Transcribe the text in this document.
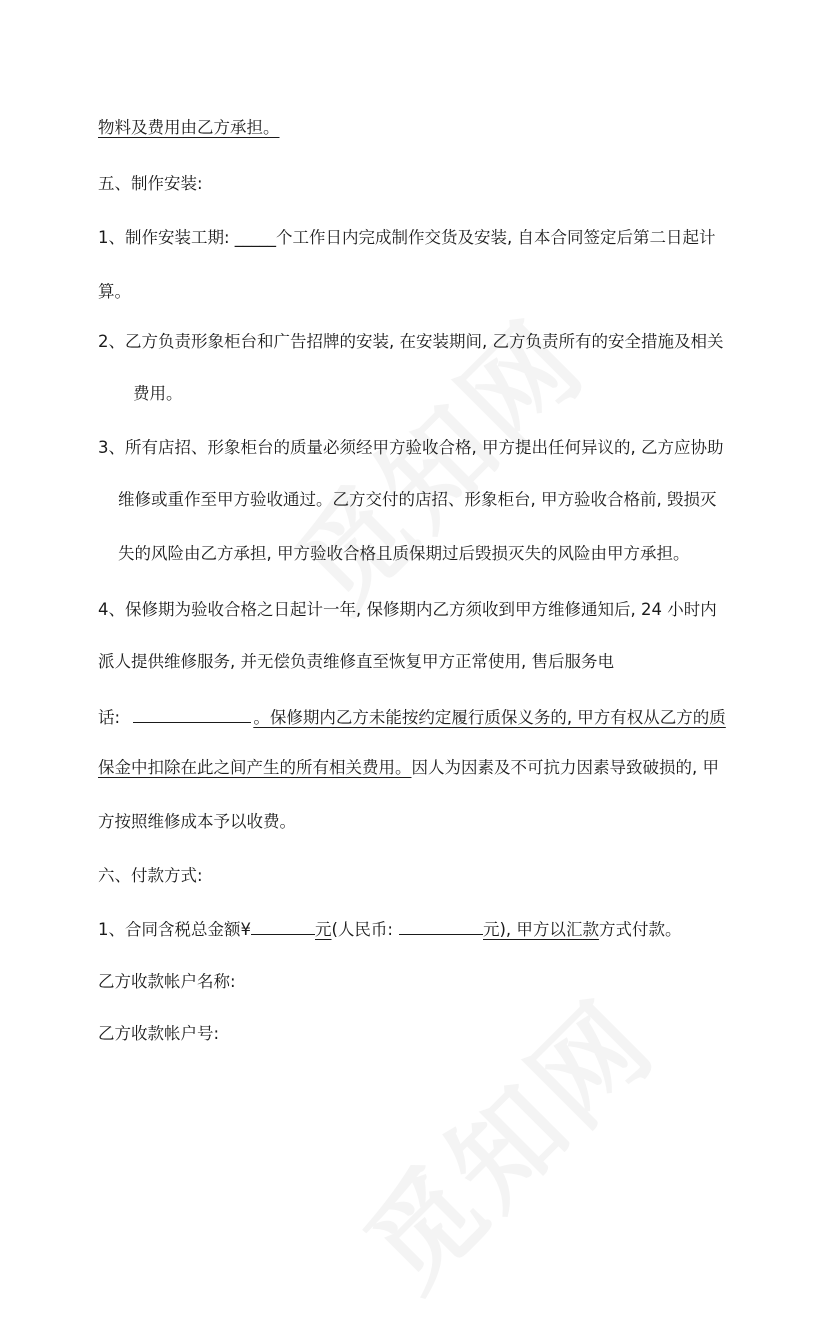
物料及费用由乙方承担。
五、制作安装:
1、制作安装工期: _____个工作日内完成制作交货及安装, 自本合同签定后第二日起计
算。
2、乙方负责形象柜台和广告招牌的安装, 在安装期间, 乙方负责所有的安全措施及相关
费用。
3、所有店招、形象柜台的质量必须经甲方验收合格, 甲方提出任何异议的, 乙方应协助
维修或重作至甲方验收通过。乙方交付的店招、形象柜台, 甲方验收合格前, 毁损灭
失的风险由乙方承担, 甲方验收合格且质保期过后毁损灭失的风险由甲方承担。
4、保修期为验收合格之日起计一年, 保修期内乙方须收到甲方维修通知后, 24 小时内
派人提供维修服务, 并无偿负责维修直至恢复甲方正常使用, 售后服务电
话:	。保修期内乙方未能按约定履行质保义务的, 甲方有权从乙方的质
保金中扣除在此之间产生的所有相关费用。因人为因素及不可抗力因素导致破损的, 甲
方按照维修成本予以收费。
六、付款方式:
1、合同含税总金额¥	元(人民币:	元), 甲方以汇款方式付款。
乙方收款帐户名称:
乙方收款帐户号:
